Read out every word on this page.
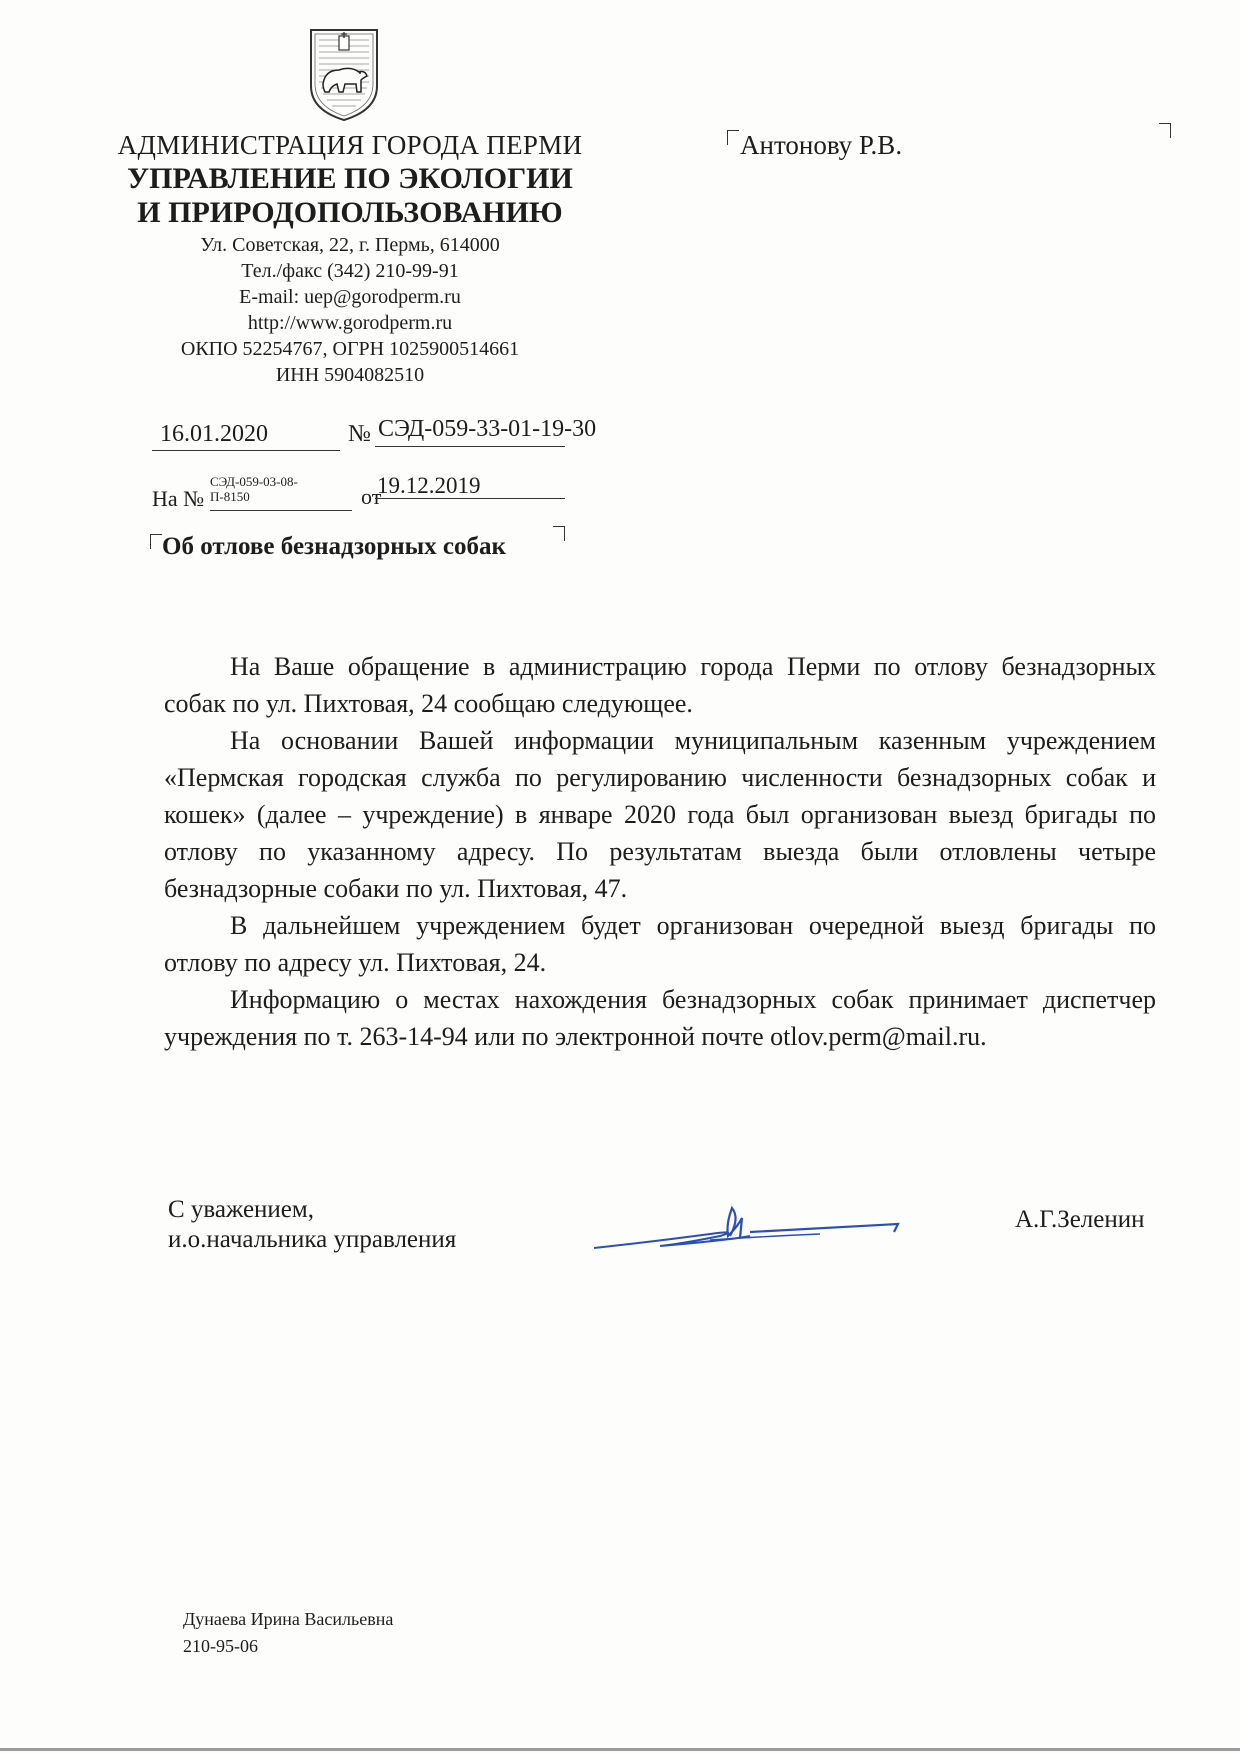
АДМИНИСТРАЦИЯ ГОРОДА ПЕРМИ
УПРАВЛЕНИЕ ПО ЭКОЛОГИИ
И ПРИРОДОПОЛЬЗОВАНИЮ
Ул. Советская, 22, г. Пермь, 614000
Тел./факс (342) 210-99-91
E-mail: uep@gorodperm.ru
http://www.gorodperm.ru
ОКПО 52254767, ОГРН 1025900514661
ИНН 5904082510
16.01.2020	№ СЭД-059-33-01-19-30
На №
СЭД-059-03-08-
П-8150	от
19.12.2019
Антонову Р.В.
Об отлове безнадзорных собак

На Ваше обращение в администрацию города Перми по отлову безнадзорных собак по ул. Пихтовая, 24 сообщаю следующее.

На основании Вашей информации муниципальным казенным учреждением «Пермская городская служба по регулированию численности безнадзорных собак и кошек» (далее – учреждение) в январе 2020 года был организован выезд бригады по отлову по указанному адресу. По результатам выезда были отловлены четыре безнадзорные собаки по ул. Пихтовая, 47.

В дальнейшем учреждением будет организован очередной выезд бригады по отлову по адресу ул. Пихтовая, 24.

Информацию о местах нахождения безнадзорных собак принимает диспетчер учреждения по т. 263-14-94 или по электронной почте otlov.perm@mail.ru.

С уважением,
и.о.начальника управления
А.Г.Зеленин
Дунаева Ирина Васильевна
210-95-06
